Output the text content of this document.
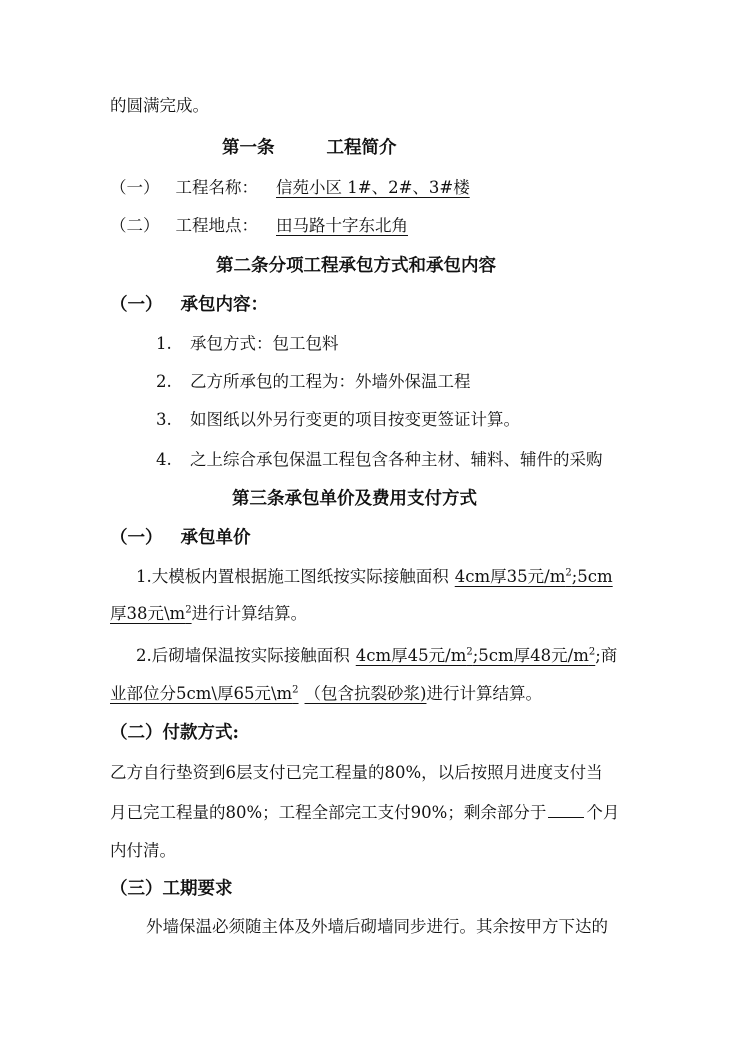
的圆满完成。
第一条	工程简介
（一） 工程名称： 信苑小区 1#、2#、3#楼
（二） 工程地点： 田马路十字东北角
第二条分项工程承包方式和承包内容
（一） 承包内容：
1. 承包方式：包工包料
2. 乙方所承包的工程为：外墙外保温工程
3. 如图纸以外另行变更的项目按变更签证计算。
4. 之上综合承包保温工程包含各种主材、辅料、辅件的采购
第三条承包单价及费用支付方式
（一） 承包单价
1.大模板内置根据施工图纸按实际接触面积 4cm厚35元$/m^2;5cm$
厚38元$\backslash m^2$进行计算结算。
2.后砌墙保温按实际接触面积 4cm厚45元$/m^2;5cm$厚48元$/m^2$;商
业部位分5cm\厚65元$\backslash m^2$ （包含抗裂砂浆)进行计算结算。
（二）付款方式:
乙方自行垫资到6层支付已完工程量的80%，以后按照月进度支付当
月已完工程量的80%；工程全部完工支付90%；剩余部分于 个月
内付清。
（三）工期要求
外墙保温必须随主体及外墙后砌墙同步进行。其余按甲方下达的
